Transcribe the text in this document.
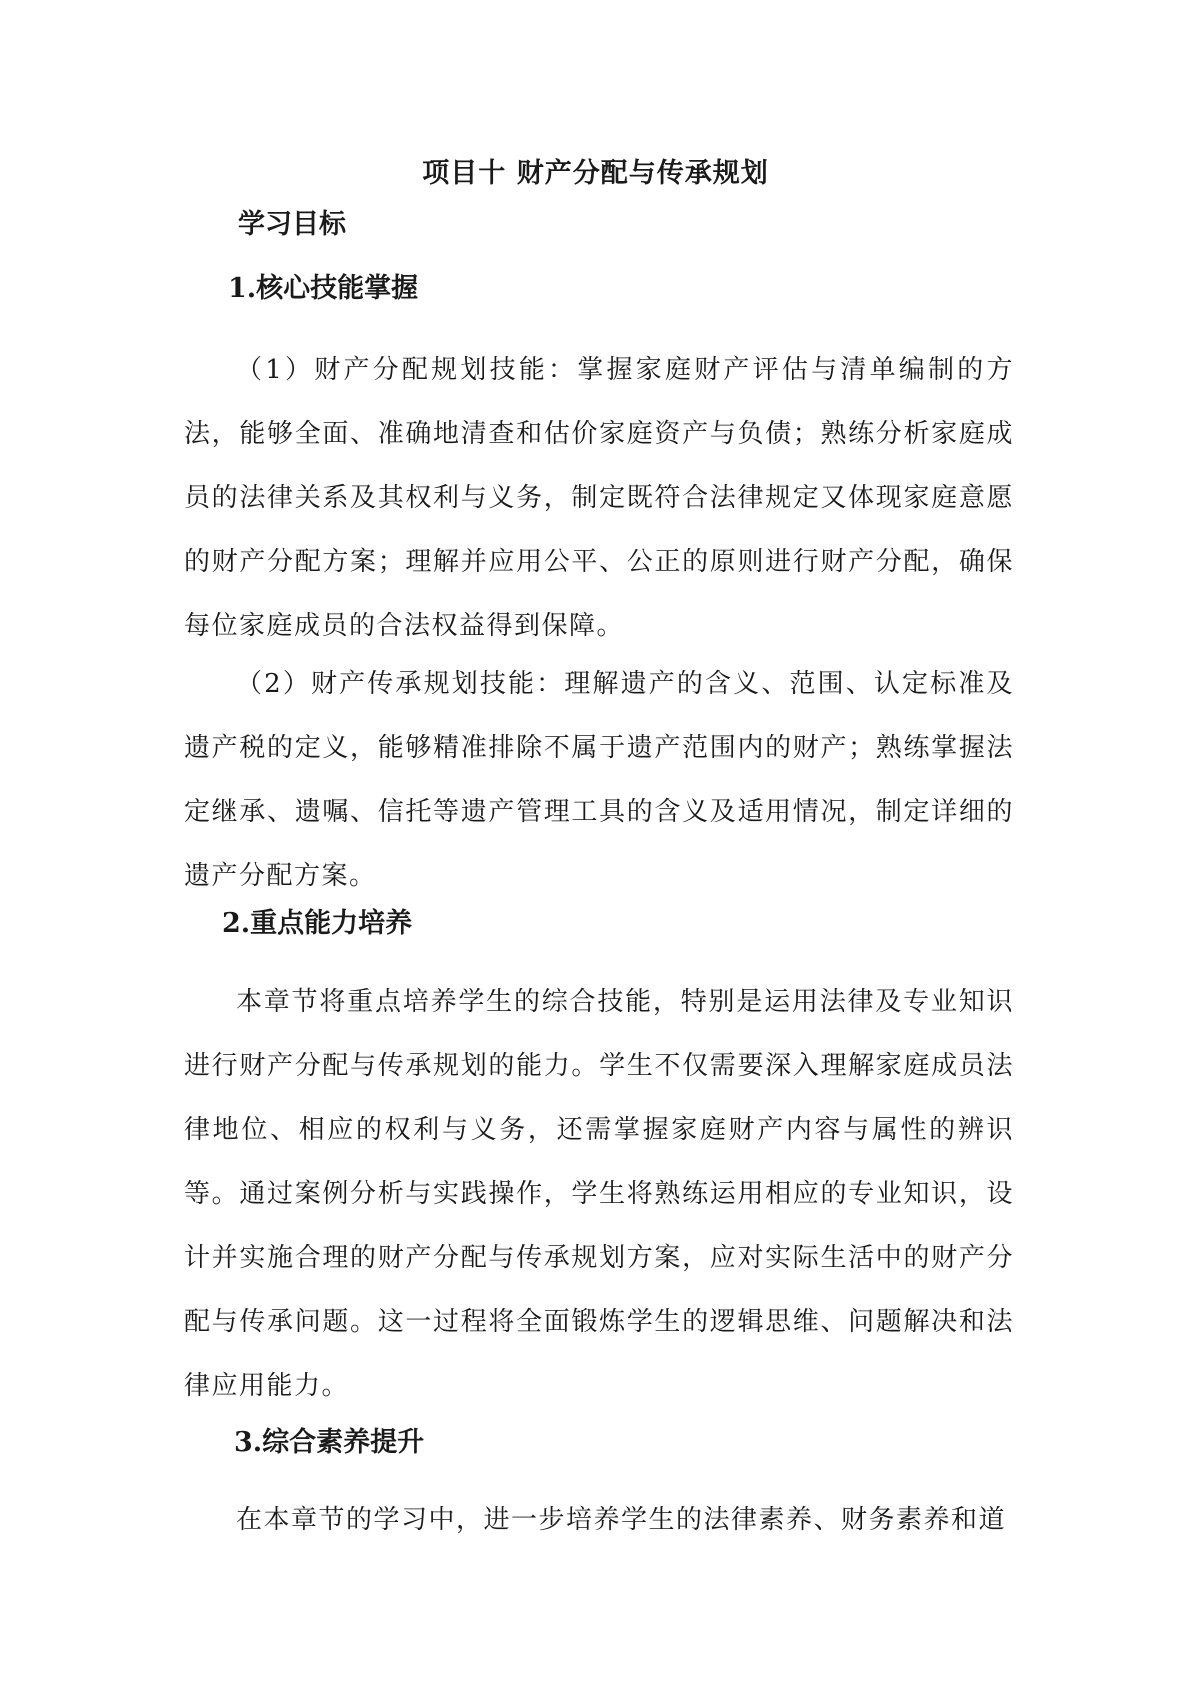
项目十 财产分配与传承规划
学习目标
1.核心技能掌握

（1）财产分配规划技能：掌握家庭财产评估与清单编制的方法，能够全面、准确地清查和估价家庭资产与负债；熟练分析家庭成员的法律关系及其权利与义务，制定既符合法律规定又体现家庭意愿的财产分配方案；理解并应用公平、公正的原则进行财产分配，确保每位家庭成员的合法权益得到保障。

（2）财产传承规划技能：理解遗产的含义、范围、认定标准及遗产税的定义，能够精准排除不属于遗产范围内的财产；熟练掌握法定继承、遗嘱、信托等遗产管理工具的含义及适用情况，制定详细的遗产分配方案。

2.重点能力培养

本章节将重点培养学生的综合技能，特别是运用法律及专业知识进行财产分配与传承规划的能力。学生不仅需要深入理解家庭成员法律地位、相应的权利与义务，还需掌握家庭财产内容与属性的辨识等。通过案例分析与实践操作，学生将熟练运用相应的专业知识，设计并实施合理的财产分配与传承规划方案，应对实际生活中的财产分配与传承问题。这一过程将全面锻炼学生的逻辑思维、问题解决和法律应用能力。

3.综合素养提升

在本章节的学习中，进一步培养学生的法律素养、财务素养和道
